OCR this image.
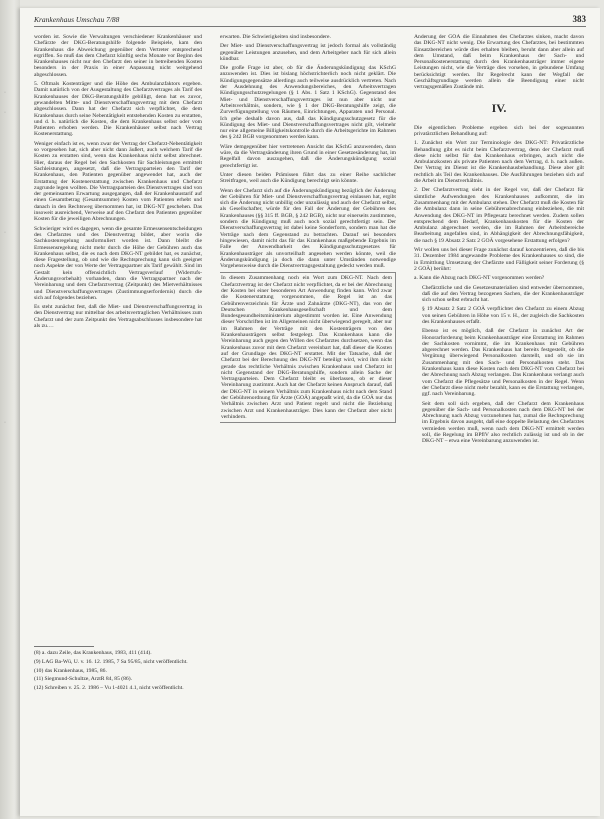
·
·
·
·
Krankenhaus Umschau 7/88	383

worden ist. Sowie die Verwaltungen verschiedener Krankenhäuser und Chefärzte der DKG-Beratungshilfe folgende Beispiele, kam den Krankenhaus die Abweichung gegenüber dem Vertreter entsprechend ergriffen. So muß das dem Chefarzt künftig sechs Monate vor Beginn des Krankenhauses nicht nur den Chefarzt den seiner in betreibenden Kosten besonders in der Praxis in einer Anpassung nicht weitgehend abgeschlossen.

5. Oftmals Kostenträger und die Höhe des Ambulanzfaktors ergeben. Damit natürlich von der Ausgestaltung des Chefarztvertrages als Tarif des Krankenhauses der DKG-Beratungshilfe gebilligt, denn hat es zuvor, gewandelten Mitte- und Dienstverschaffungsvertrag mit dem Chefarzt abgeschlossen. Dann hat der Chefarzt sich verpflichtet, die dem Krankenhaus durch seine Nebentätigkeit entstehenden Kosten zu erstatten, und d. h. natürlich die Kosten, die dem Krankenhaus selbst oder vom Patienten erhoben werden. Die Krankenhäuser selbst nach Vertrag Kostenerstattung.

Weniger einfach ist es, wenn zwar der Vertrag der Chefarzt-Nebentätigkeit so vorgesehen hat, sich aber nicht dann äußert, auch welchem Tarif die Kosten zu erstatten sind, wenn das Krankenhaus nicht selbst abrechnet. Hier, daraus der Regel bei den Sachkosten für Sachleistungen ermittelt Sachleistungen, angesetzt, daß die Vertragsparteien den Tarif der Krankenhaus, den Patienten gegenüber angewendet hat, auch der Erstattung der Kostenerstattung zwischen Krankenhaus und Chefarzt zugrunde legen wollten. Die Vertragsparteien des Dienstvertrages sind von der gemeinsamen Erwartung ausgegangen, daß der Krankenhaustarif auf einen Gesamtbetrag (Gesamtsumme) Kosten vom Patienten erhebt und danach in den Rechtsweg übernommen hat, ist DKG-NT geschehen. Das insoweit ausreichend, Verweise auf den Chefarzt den Patienten gegenüber Kosten für die jeweiligen Abrechnungen.

Schwieriger wird es dagegen, wenn die gesamte Ermessensentscheidungen des Chefarztes und des Dienstvertrag bildet, aber worin die Sachkostenregelung ausformuliert worden ist. Dann bleibt die Ermessensregelung nicht mehr durch die Höhe der Gebühren auch das Krankenhaus selbst, die es nach dem DKG-NT gebildet hat, es zunächst, diese Fragestellung, ob und wie die Rechtsprechung kann sich geeignet noch Aspekte der von Werte der Vertragspartner als Tarif gewählt. Sind im Gestalt kein offensichtlich Vertragsverlauf (Widerrufs- Änderungsvorbehalt) vorhanden, dann die Vertragspartner nach der Vereinbarung und dem Chefarztvertrag (Zeitpunkt) des Mietverhältnisses und Dienstverschaffungsvertrages (Zustimmungserfordernis) durch die sich auf folgendes beziehen.

Es steht zunächst fest, daß die Miet- und Dienstverschaffungsvertrag in den Dienstvertrag nur mittelbar des arbeitsvertraglichen Verhältnisses zum Chefarzt und der zum Zeitpunkt des Vertragsabschlusses insbesondere hat als zu.…

(8) a. dazu Zeile, das Krankenhaus, 1983, 411 (414).
(9) LAG Ba-Wü, U. v. 16. 12. 1985, 7 Sa 95/85, nicht veröffentlicht.
(10) das Krankenhaus, 1985, 86.
(11) Siegmund-Schultze, ArztR 84, 85 (86).
(12) Schreiben v. 25. 2. 1986 – Vu 1-4021 4.1, nicht veröffentlicht.

erwarten. Die Schwierigkeiten sind insbesondere.

Der Miet- und Dienstverschaffungsvertrag ist jedoch formal als vollständig gegenüber Leistungen anzusehen, und dem Arbeitgeber nach für sich allein kündbar.

Die große Frage ist aber, ob für die Änderungskündigung das KSchG anzuwenden ist. Dies ist bislang höchstrichterlich noch nicht geklärt. Die Kündigungsgegensätze allerdings auch teilweise ausdrücklich vertreten. Nach der Ausdehnung des Anwendungsbereiches, den Arbeitsvertragen Kündigungsschutzregelungen (§ 1 Abs. 1 Satz 1 KSchG). Gegenstand des Miet- und Dienstverschaffungsvertrages ist nun aber nicht nur Arbeitsverhältnis, sondern, wie § 1 der DKG-Beratungshilfe zeigt, die Zurverfügungstellung von Räumen, Einrichtungen, Apparaten und Personal. Ich gehe deshalb davon aus, daß das Kündigungsschutzgesetz für die Kündigung des Miet- und Dienstverschaffungsvertrages nicht gilt, vielmehr nur eine allgemeine Billigkeitskontrolle durch die Arbeitsgerichte im Rahmen des § 242 BGB vorgenommen werden kann.

Wäre demgegenüber hier vertretenen Ansicht das KSchG anzuwenden, dann wäre, da die Vertragsänderung ihren Grund in einer Gesetzesänderung hat, im Regelfall davon auszugehen, daß die Änderungskündigung sozial gerechtfertigt ist.

Unter diesen beiden Prämissen führt das zu einer Reihe sachlicher Streitfragen, weil auch die Kündigung berechtigt sein könnte.

Wenn der Chefarzt sich auf die Änderungskündigung bezüglich der Änderung der Gebühren für Miet- und Dienstverschaffungsvertrag einlassen hat, ergibt sich die Änderung nicht unbillig oder unzulässig und auch der Chefarzt selbst, als Gesellschafter, würde für den Fall der Änderung der Gebühren des Krankenhauses (§§ 315 ff. BGB, § 242 BGB), nicht nur einerseits zustimmen, sondern die Kündigung muß auch noch sozial gerechtfertigt sein. Der Dienstverschaffungsvertrag ist dabei keine Sonderform, sondern man hat die Verträge nach dem Gegenstand zu betrachten. Darauf sei besonders hingewiesen, damit nicht das für das Krankenhaus maßgebende Ergebnis im Falle der Anwendbarkeit des Kündigungsschutzgesetzes für Krankenhausträger als unvorteilhaft angesehen werden könnte, weil die Änderungskündigung ja doch die dann unter Umständen notwendige Vorgehensweise durch die Dienstvertragsgestaltung gedeckt werden muß.

In diesem Zusammenhang noch ein Wort zum DKG-NT. Nach dem Chefarztvertrag ist der Chefarzt nicht verpflichtet, da er bei der Abrechnung der Kosten bei einer besonderen Art Anwendung finden kann. Wird zwar die Kostenerstattung vorgenommen, die Regel ist an das Gebührenverzeichnis für Ärzte und Zahnärzte (DKG-NT), das von der Deutschen Krankenhausgesellschaft und dem Bundesgesundheitsministerium abgestimmt worden ist. Eine Anwendung dieser Vorschriften ist im Allgemeinen nicht überwiegend geregelt, aber nur im Rahmen der Verträge mit den Kostenträgern von den Krankenhausträgern selbst festgelegt. Das Krankenhaus kann die Vereinbarung auch gegen den Willen des Chefarztes durchsetzen, wenn das Krankenhaus zuvor mit dem Chefarzt vereinbart hat, daß dieser die Kosten auf der Grundlage des DKG-NT erstattet. Mit der Tatsache, daß der Chefarzt bei der Berechnung des DKG-NT beteiligt wird, wird ihm nicht gerade das rechtliche Verhältnis zwischen Krankenhaus und Chefarzt ist nicht Gegenstand der DKG-Beratungshilfe, sondern allein Sache der Vertragsparteien. Dem Chefarzt bleibt es überlassen, ob er dieser Vereinbarung zustimmt. Auch hat der Chefarzt keinen Anspruch darauf, daß der DKG-NT in seinem Verhältnis zum Krankenhaus nicht nach dem Stand der Gebührenordnung für Ärzte (GOÄ) angepaßt wird, da die GOÄ nur das Verhältnis zwischen Arzt und Patient regelt und nicht die Beziehung zwischen Arzt und Krankenhausträger. Dies kann der Chefarzt aber nicht verhindern.

Änderung der GOÄ die Einnahmen des Chefarztes sinken, macht davon das DKG-NT nicht wenig. Die Erwartung des Chefarztes, bei bestimmten Einsatzbereichen würde dies erhalten bleiben, beruht dann aber allein auf dem Umstand, daß beim Krankenhaus der Sach- und Personalkostenerstattung durch den Krankenhausträger immer eigene Leistungen nicht, wie die Verträge dies vorsehen, in gebundene Umfang berücksichtigt werden. Ihr Regelrecht kann der Wegfall der Geschäftsgrundlage werden allein die Beendigung einer nicht vertragsgemäßen Zustände mit.

IV.

Die eigentlichen Probleme ergeben sich bei der sogenannten privatärztlichen Behandlung auf:

1. Zunächst ein Wort zur Terminologie des DKG-NT: Privatärztliche Behandlung gibt es nicht beim Chefarztvertrag, denn der Chefarzt muß diese nicht selbst für das Krankenhaus erbringen, auch nicht die Ambulanzkosten als private Patienten nach dem Vertrag, d. h. nach außen. Der Vertrag im Dienst ist die Krankenhausbehandlung. Diese aber gilt rechtlich als Teil des Krankenhauses. Die Ausführungen beziehen sich auf die Arbeit im Dienstverhältnis.

2. Der Chefarztvertrag sieht in der Regel vor, daß der Chefarzt für sämtliche Aufwendungen des Krankenhauses aufkommt, die im Zusammenhang mit der Ambulanz stehen. Der Chefarzt muß die Kosten für die Ambulanz dann in seine Gebührenabrechnung einbeziehen, die mit Anwendung des DKG-NT im Pflegesatz berechnet werden. Zudem sollen entsprechend dem Bedarf, Krankenhauskosten für die Kosten der Ambulanz abgerechnet werden, die im Rahmen der Arbeitsbereiche Bearbeitung angefallen sind, in Abhängigkeit der Abrechnungsfähigkeit, die nach § 19 Absatz 2 Satz 2 GOÄ vorgesehene Erstattung erfolgen?

Wir wollen uns bei dieser Frage zunächst darauf konzentrieren, daß die bis 31. Dezember 1984 angewandte Probleme des Krankenhauses so sind, die in Ermittlung Umsetzung der Chefärzte und Fälligkeit seiner Forderung (§ 2 GOÄ) berührt:

a. Kann die Abzug nach DKG-NT vorgenommen werden?

Chefärztliche und die Gesetzesmaterialien sind entweder übernommen, daß die auf den Vertrag bezogenen Sachen, die der Krankenhausträger sich schon selbst erbracht hat.

§ 19 Absatz 2 Satz 2 GOÄ verpflichtet den Chefarzt zu einem Abzug von seinen Gebühren in Höhe von 15 v. H., der zugleich die Sachkosten des Krankenhauses erfaßt.

Ebenso ist es möglich, daß der Chefarzt in zunächst Art der Honorarforderung beim Krankenhausträger eine Erstattung im Rahmen der Sachkosten vornimmt, die im Krankenhaus mit Gebühren abgerechnet werden. Das Krankenhaus hat bereits festgestellt, ob die Vergütung überwiegend Personalkosten darstellt, und ob sie im Zusammenhang mit den Sach- und Personalkosten steht. Das Krankenhaus kann diese Kosten nach dem DKG-NT vom Chefarzt bei der Abrechnung nach Abzug verlangen. Das Krankenhaus verlangt auch vom Chefarzt die Pflegesätze und Personalkosten in der Regel. Wenn der Chefarzt diese nicht mehr bezahlt, kann es die Erstattung verlangen, ggf. nach Vereinbarung.

Seit dem soll sich ergeben, daß der Chefarzt dem Krankenhaus gegenüber die Sach- und Personalkosten nach dem DKG-NT bei der Abrechnung nach Abzug vorzunehmen hat, zumal die Rechtsprechung im Ergebnis davon ausgeht, daß eine doppelte Belastung des Chefarztes vermieden werden muß, wenn nach dem DKG-NT ermittelt werden soll, die Regelung im BPflV also rechtlich zulässig ist und ob in der DKG-NT – etwa eine Vereinbarung anzuwenden ist.
